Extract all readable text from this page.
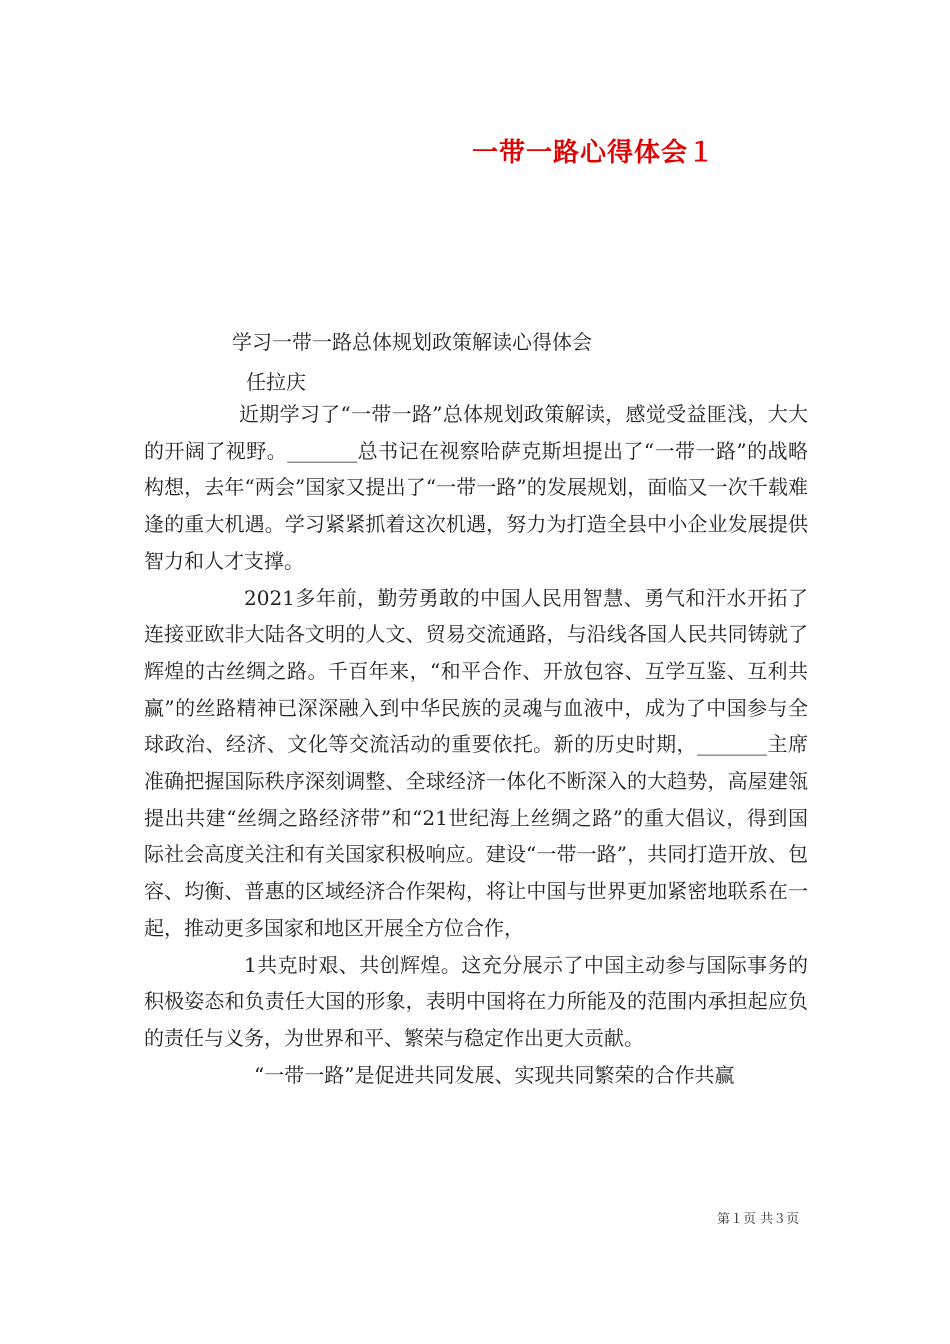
一带一路心得体会１
学习一带一路总体规划政策解读心得体会
任拉庆

近期学习了“一带一路”总体规划政策解读，感觉受益匪浅，大大的开阔了视野。_______总书记在视察哈萨克斯坦提出了“一带一路”的战略构想，去年“两会”国家又提出了“一带一路”的发展规划，面临又一次千载难逢的重大机遇。学习紧紧抓着这次机遇，努力为打造全县中小企业发展提供智力和人才支撑。

2021多年前，勤劳勇敢的中国人民用智慧、勇气和汗水开拓了连接亚欧非大陆各文明的人文、贸易交流通路，与沿线各国人民共同铸就了辉煌的古丝绸之路。千百年来，“和平合作、开放包容、互学互鉴、互利共赢”的丝路精神已深深融入到中华民族的灵魂与血液中，成为了中国参与全球政治、经济、文化等交流活动的重要依托。新的历史时期，_______主席准确把握国际秩序深刻调整、全球经济一体化不断深入的大趋势，高屋建瓴提出共建“丝绸之路经济带”和“21世纪海上丝绸之路”的重大倡议，得到国际社会高度关注和有关国家积极响应。建设“一带一路”，共同打造开放、包容、均衡、普惠的区域经济合作架构，将让中国与世界更加紧密地联系在一起，推动更多国家和地区开展全方位合作，

1共克时艰、共创辉煌。这充分展示了中国主动参与国际事务的积极姿态和负责任大国的形象，表明中国将在力所能及的范围内承担起应负的责任与义务，为世界和平、繁荣与稳定作出更大贡献。

“一带一路”是促进共同发展、实现共同繁荣的合作共赢

第１页 共３页
